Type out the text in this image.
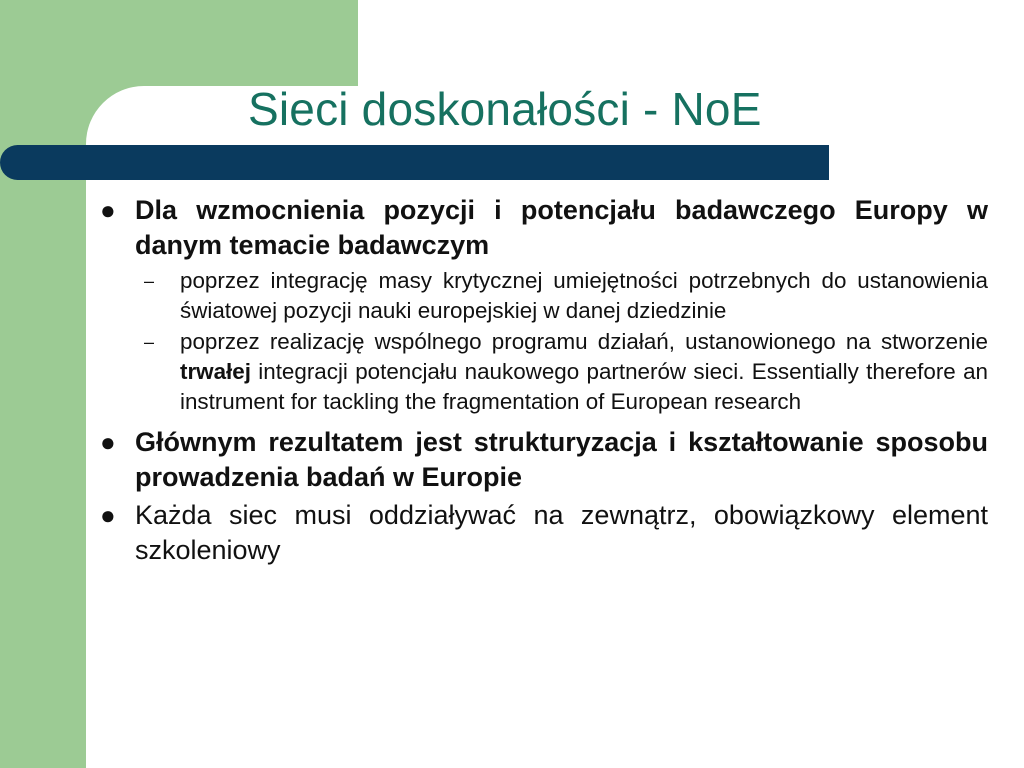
Sieci doskonałości - NoE
● Dla wzmocnienia pozycji i potencjału badawczego Europy w danym temacie badawczym
– poprzez integrację masy krytycznej umiejętności potrzebnych do ustanowienia światowej pozycji nauki europejskiej w danej dziedzinie
– poprzez realizację wspólnego programu działań, ustanowionego na stworzenie trwałej integracji potencjału naukowego partnerów sieci. Essentially therefore an instrument for tackling the fragmentation of European research
● Głównym rezultatem jest strukturyzacja i kształtowanie sposobu prowadzenia badań w Europie
● Każda siec musi oddziaływać na zewnątrz, obowiązkowy element szkoleniowy
